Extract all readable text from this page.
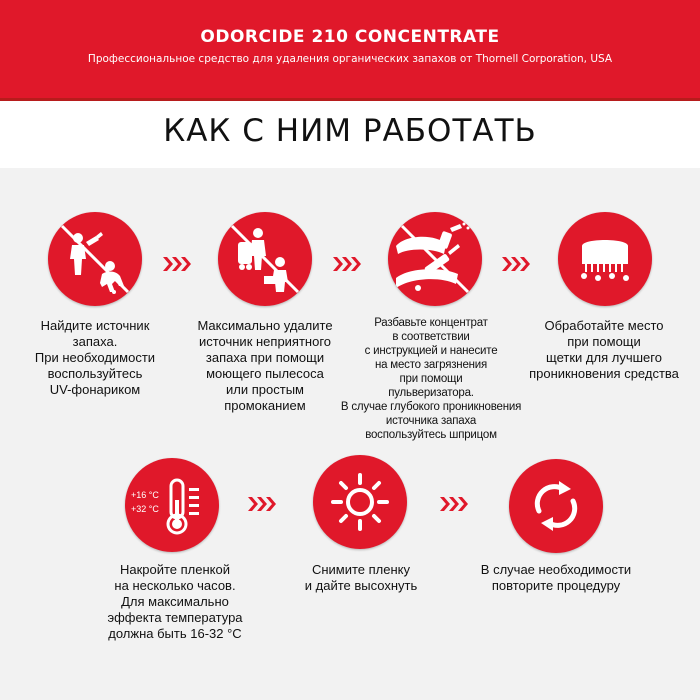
ODORCIDE 210 CONCENTRATE
Профессиональное средство для удаления органических запахов от Thornell Corporation, USA
КАК С НИМ РАБОТАТЬ
Найдите источник
запаха.
При необходимости
воспользуйтесь
UV-фонариком
Максимально удалите
источник неприятного
запаха при помощи
моющего пылесоса
или простым
промоканием
Разбавьте концентрат
в соответствии
с инструкцией и нанесите
на место загрязнения
при помощи
пульверизатора.
В случае глубокого проникновения
источника запаха
воспользуйтесь шприцом
Обработайте место
при помощи
щетки для лучшего
проникновения средства
+16 °С
+32 °С
Накройте пленкой
на несколько часов.
Для максимально
эффекта температура
должна быть 16-32 °С
Снимите пленку
и дайте высохнуть
В случае необходимости
повторите процедуру
